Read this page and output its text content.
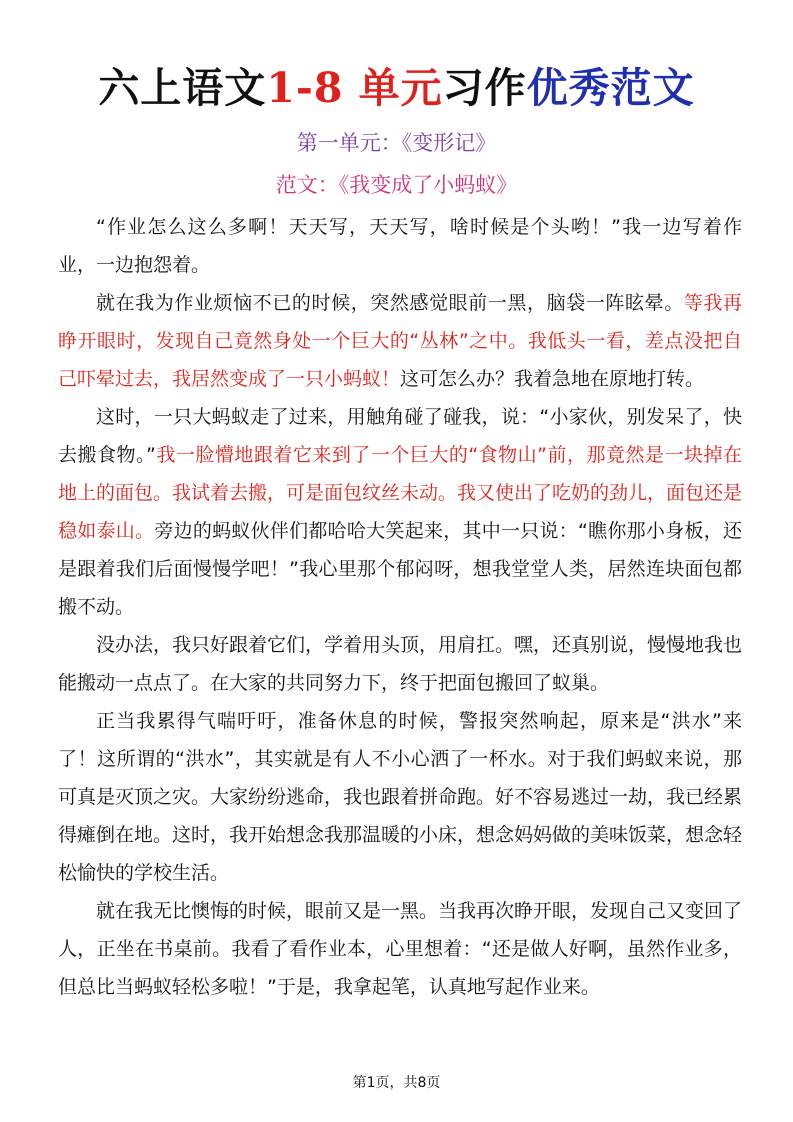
六上语文1-8 单元习作优秀范文
第一单元：《变形记》
范文：《我变成了小蚂蚁》

“作业怎么这么多啊！天天写，天天写，啥时候是个头哟！”我一边写着作业，一边抱怨着。

就在我为作业烦恼不已的时候，突然感觉眼前一黑，脑袋一阵眩晕。等我再睁开眼时，发现自己竟然身处一个巨大的“丛林”之中。我低头一看，差点没把自己吓晕过去，我居然变成了一只小蚂蚁！这可怎么办？我着急地在原地打转。

这时，一只大蚂蚁走了过来，用触角碰了碰我，说：“小家伙，别发呆了，快去搬食物。”我一脸懵地跟着它来到了一个巨大的“食物山”前，那竟然是一块掉在地上的面包。我试着去搬，可是面包纹丝未动。我又使出了吃奶的劲儿，面包还是稳如泰山。旁边的蚂蚁伙伴们都哈哈大笑起来，其中一只说：“瞧你那小身板，还是跟着我们后面慢慢学吧！”我心里那个郁闷呀，想我堂堂人类，居然连块面包都搬不动。

没办法，我只好跟着它们，学着用头顶，用肩扛。嘿，还真别说，慢慢地我也能搬动一点点了。在大家的共同努力下，终于把面包搬回了蚁巢。

正当我累得气喘吁吁，准备休息的时候，警报突然响起，原来是“洪水”来了！这所谓的“洪水”，其实就是有人不小心洒了一杯水。对于我们蚂蚁来说，那可真是灭顶之灾。大家纷纷逃命，我也跟着拼命跑。好不容易逃过一劫，我已经累得瘫倒在地。这时，我开始想念我那温暖的小床，想念妈妈做的美味饭菜，想念轻松愉快的学校生活。

就在我无比懊悔的时候，眼前又是一黑。当我再次睁开眼，发现自己又变回了人，正坐在书桌前。我看了看作业本，心里想着：“还是做人好啊，虽然作业多，但总比当蚂蚁轻松多啦！”于是，我拿起笔，认真地写起作业来。

第1页，共8页
